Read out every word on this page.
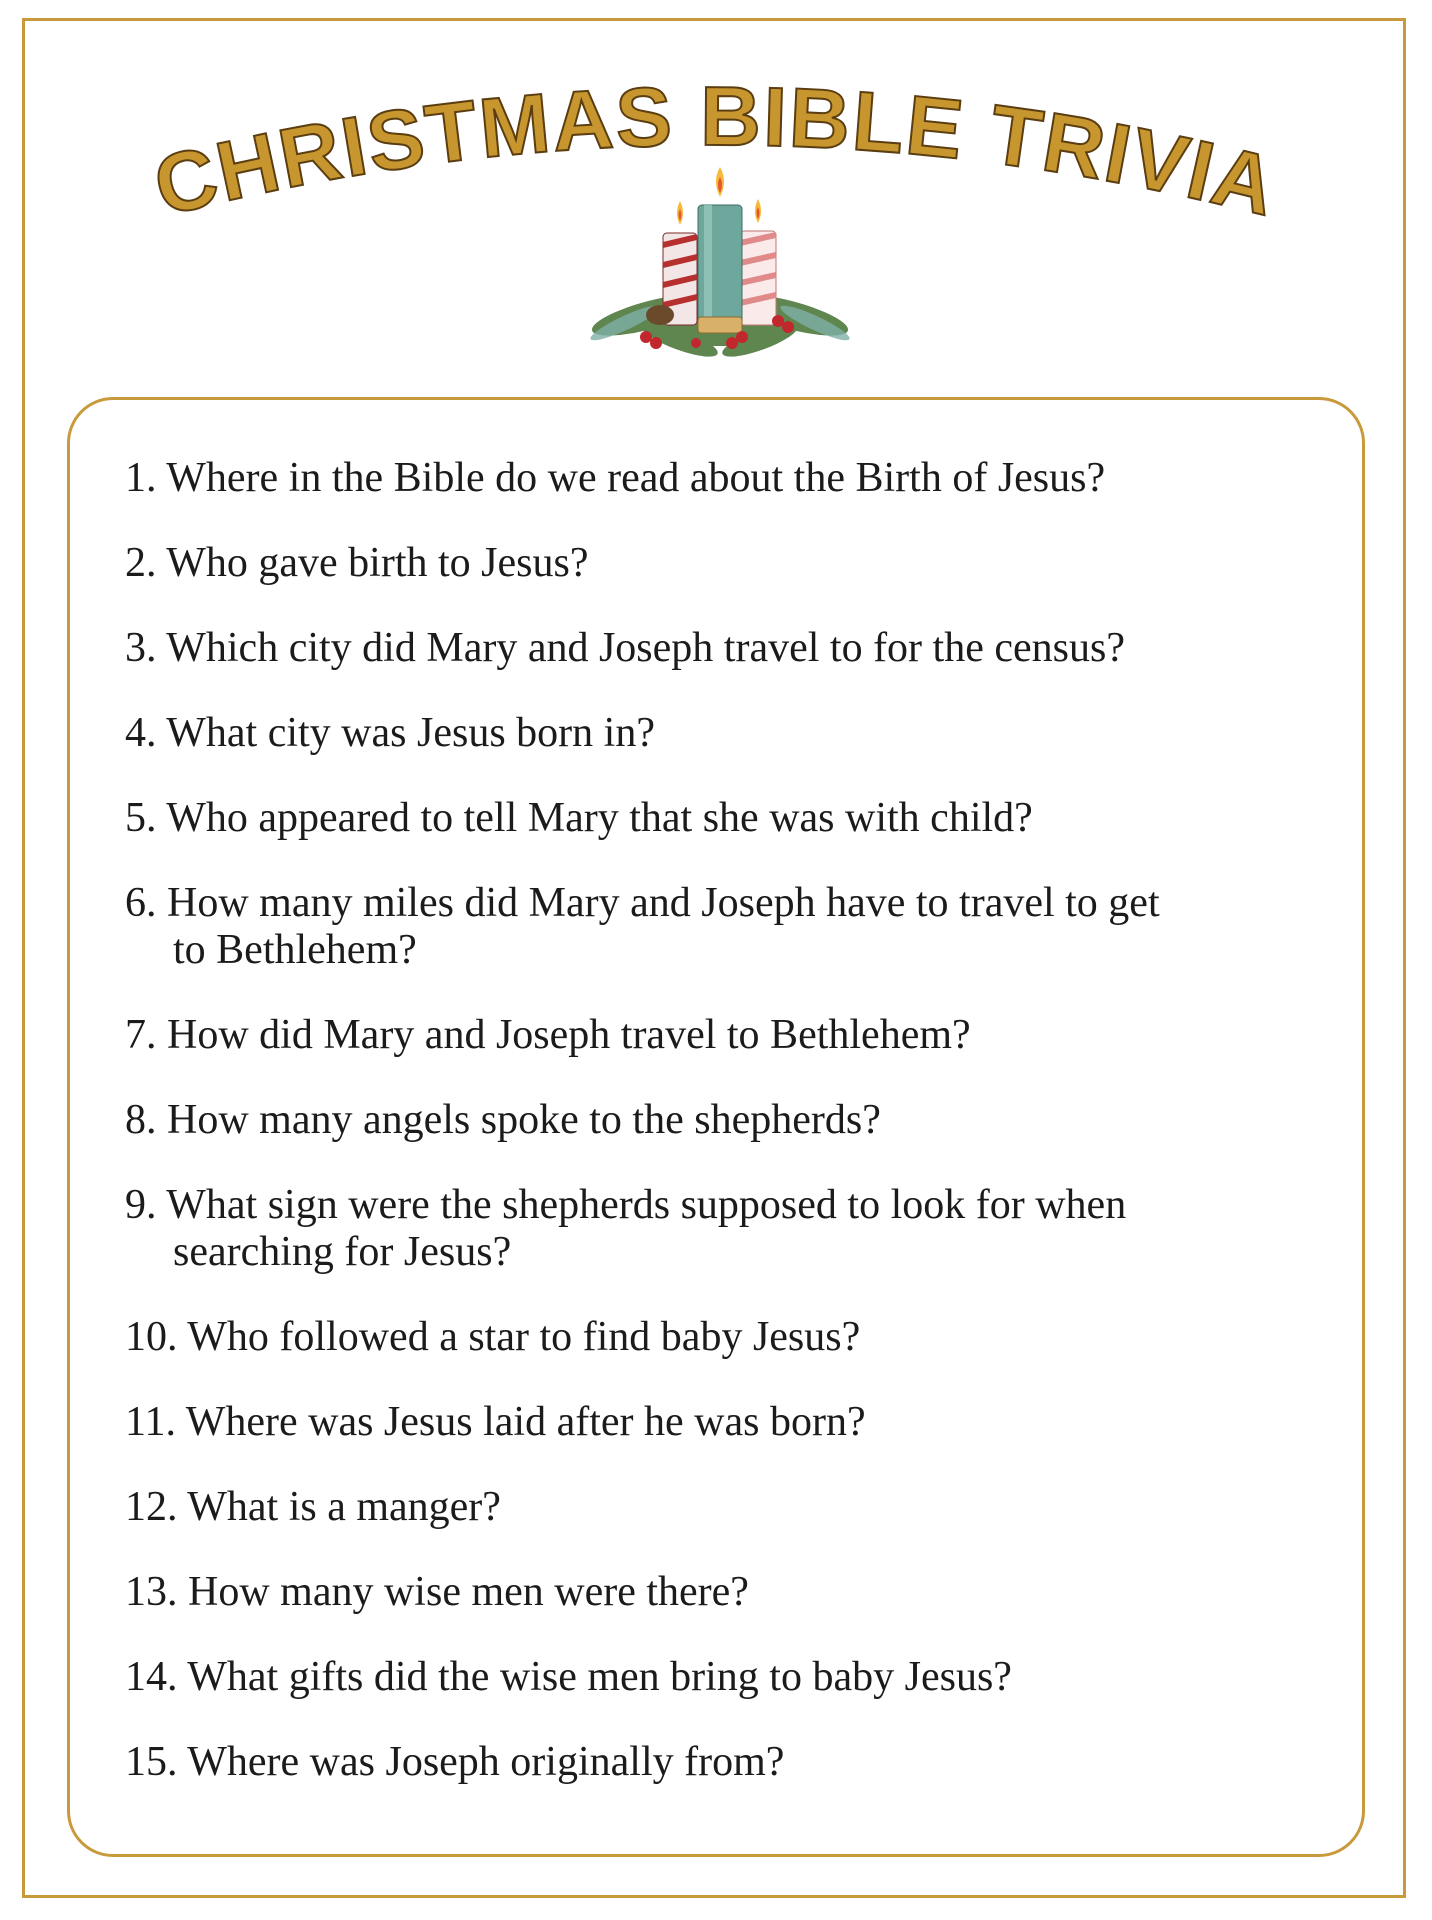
CHRISTMAS BIBLE TRIVIA
1. Where in the Bible do we read about the Birth of Jesus?
2. Who gave birth to Jesus?
3. Which city did Mary and Joseph travel to for the census?
4. What city was Jesus born in?
5. Who appeared to tell Mary that she was with child?
6. How many miles did Mary and Joseph have to travel to get
to Bethlehem?
7. How did Mary and Joseph travel to Bethlehem?
8. How many angels spoke to the shepherds?
9. What sign were the shepherds supposed to look for when
searching for Jesus?
10. Who followed a star to find baby Jesus?
11. Where was Jesus laid after he was born?
12. What is a manger?
13. How many wise men were there?
14. What gifts did the wise men bring to baby Jesus?
15. Where was Joseph originally from?
